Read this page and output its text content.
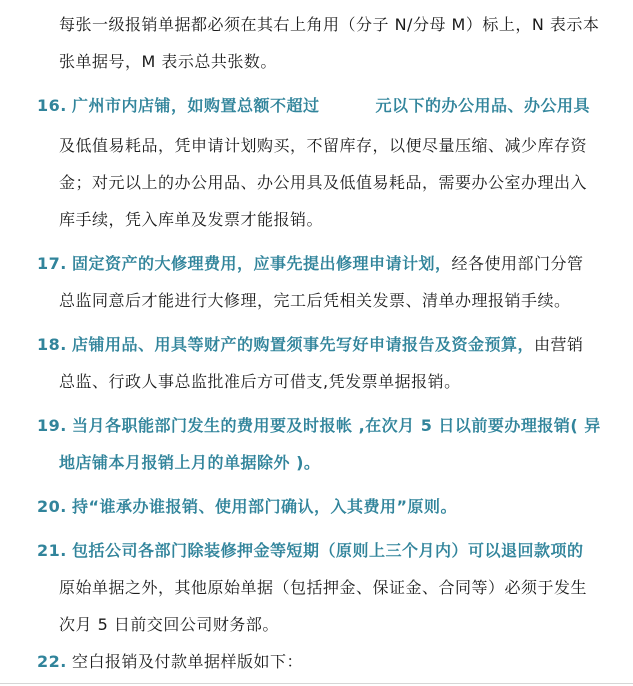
每张一级报销单据都必须在其右上角用（分子 N/分母 M）标上，N 表示本
张单据号，M 表示总共张数。
16. 广州市内店铺，如购置总额不超过	元以下的办公用品、办公用具
及低值易耗品，凭申请计划购买，不留库存，以便尽量压缩、减少库存资
金；对元以上的办公用品、办公用具及低值易耗品，需要办公室办理出入
库手续，凭入库单及发票才能报销。
17. 固定资产的大修理费用，应事先提出修理申请计划，经各使用部门分管
总监同意后才能进行大修理，完工后凭相关发票、清单办理报销手续。
18. 店铺用品、用具等财产的购置须事先写好申请报告及资金预算，由营销
总监、行政人事总监批准后方可借支,凭发票单据报销。
19. 当月各职能部门发生的费用要及时报帐 ,在次月 5 日以前要办理报销( 异
地店铺本月报销上月的单据除外 )。
20. 持“谁承办谁报销、使用部门确认，入其费用”原则。
21. 包括公司各部门除装修押金等短期（原则上三个月内）可以退回款项的
原始单据之外，其他原始单据（包括押金、保证金、合同等）必须于发生
次月 5 日前交回公司财务部。
22. 空白报销及付款单据样版如下：
